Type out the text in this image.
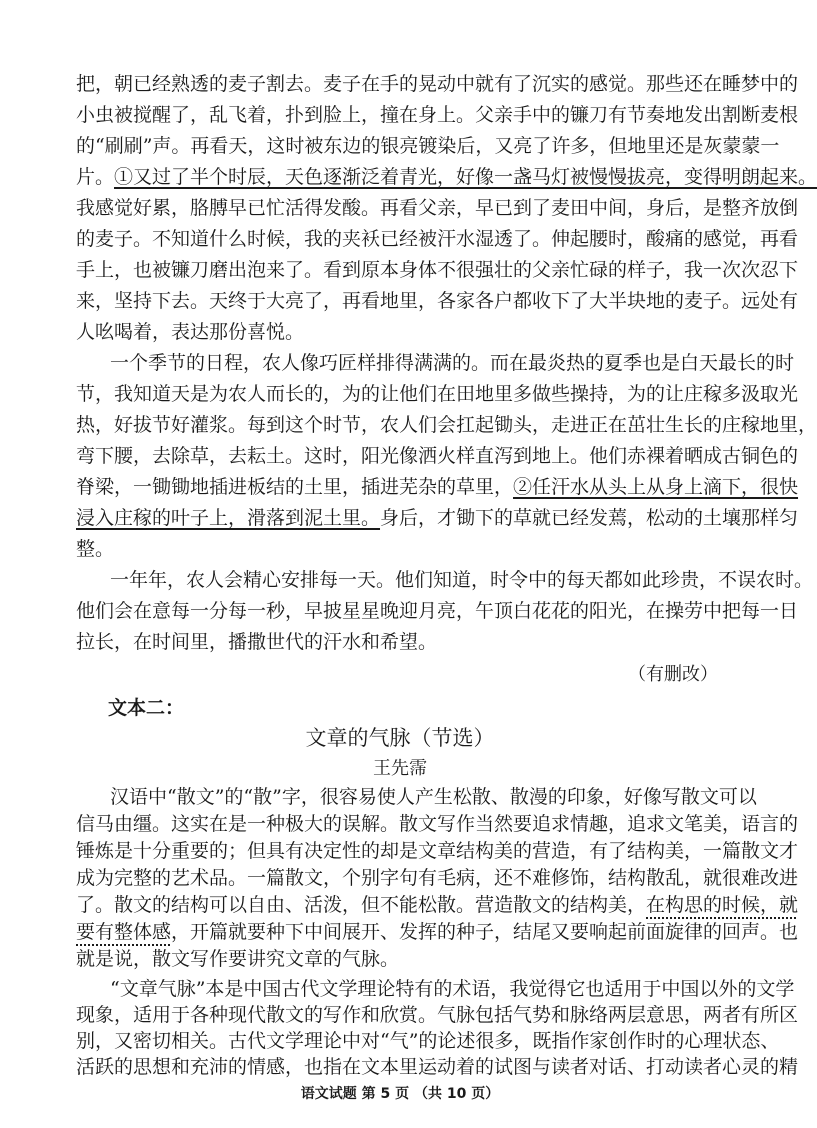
把，朝已经熟透的麦子割去。麦子在手的晃动中就有了沉实的感觉。那些还在睡梦中的
小虫被搅醒了，乱飞着，扑到脸上，撞在身上。父亲手中的镰刀有节奏地发出割断麦根
的“刷刷”声。再看天，这时被东边的银亮镀染后，又亮了许多，但地里还是灰蒙蒙一
片。①又过了半个时辰，天色逐渐泛着青光，好像一盏马灯被慢慢拔亮，变得明朗起来。
我感觉好累，胳膊早已忙活得发酸。再看父亲，早已到了麦田中间，身后，是整齐放倒
的麦子。不知道什么时候，我的夹袄已经被汗水湿透了。伸起腰时，酸痛的感觉，再看
手上，也被镰刀磨出泡来了。看到原本身体不很强壮的父亲忙碌的样子，我一次次忍下
来，坚持下去。天终于大亮了，再看地里，各家各户都收下了大半块地的麦子。远处有
人吆喝着，表达那份喜悦。
一个季节的日程，农人像巧匠样排得满满的。而在最炎热的夏季也是白天最长的时
节，我知道天是为农人而长的，为的让他们在田地里多做些操持，为的让庄稼多汲取光
热，好拔节好灌浆。每到这个时节，农人们会扛起锄头，走进正在茁壮生长的庄稼地里，
弯下腰，去除草，去耘土。这时，阳光像洒火样直泻到地上。他们赤裸着晒成古铜色的
脊梁，一锄锄地插进板结的土里，插进芜杂的草里，②任汗水从头上从身上滴下，很快
浸入庄稼的叶子上，滑落到泥土里。身后，才锄下的草就已经发蔫，松动的土壤那样匀
整。
一年年，农人会精心安排每一天。他们知道，时令中的每天都如此珍贵，不误农时。
他们会在意每一分每一秒，早披星星晚迎月亮，午顶白花花的阳光，在操劳中把每一日
拉长，在时间里，播撒世代的汗水和希望。
（有删改）
文本二：
文章的气脉（节选）
王先霈
汉语中“散文”的“散”字，很容易使人产生松散、散漫的印象，好像写散文可以
信马由缰。这实在是一种极大的误解。散文写作当然要追求情趣，追求文笔美，语言的
锤炼是十分重要的；但具有决定性的却是文章结构美的营造，有了结构美，一篇散文才
成为完整的艺术品。一篇散文，个别字句有毛病，还不难修饰，结构散乱，就很难改进
了。散文的结构可以自由、活泼，但不能松散。营造散文的结构美，在构思的时候，就
要有整体感，开篇就要种下中间展开、发挥的种子，结尾又要响起前面旋律的回声。也
就是说，散文写作要讲究文章的气脉。
语文试题 第 5 页 （共 10 页）
“文章气脉”本是中国古代文学理论特有的术语，我觉得它也适用于中国以外的文学
现象，适用于各种现代散文的写作和欣赏。气脉包括气势和脉络两层意思，两者有所区
别，又密切相关。古代文学理论中对“气”的论述很多，既指作家创作时的心理状态、
活跃的思想和充沛的情感，也指在文本里运动着的试图与读者对话、打动读者心灵的精
